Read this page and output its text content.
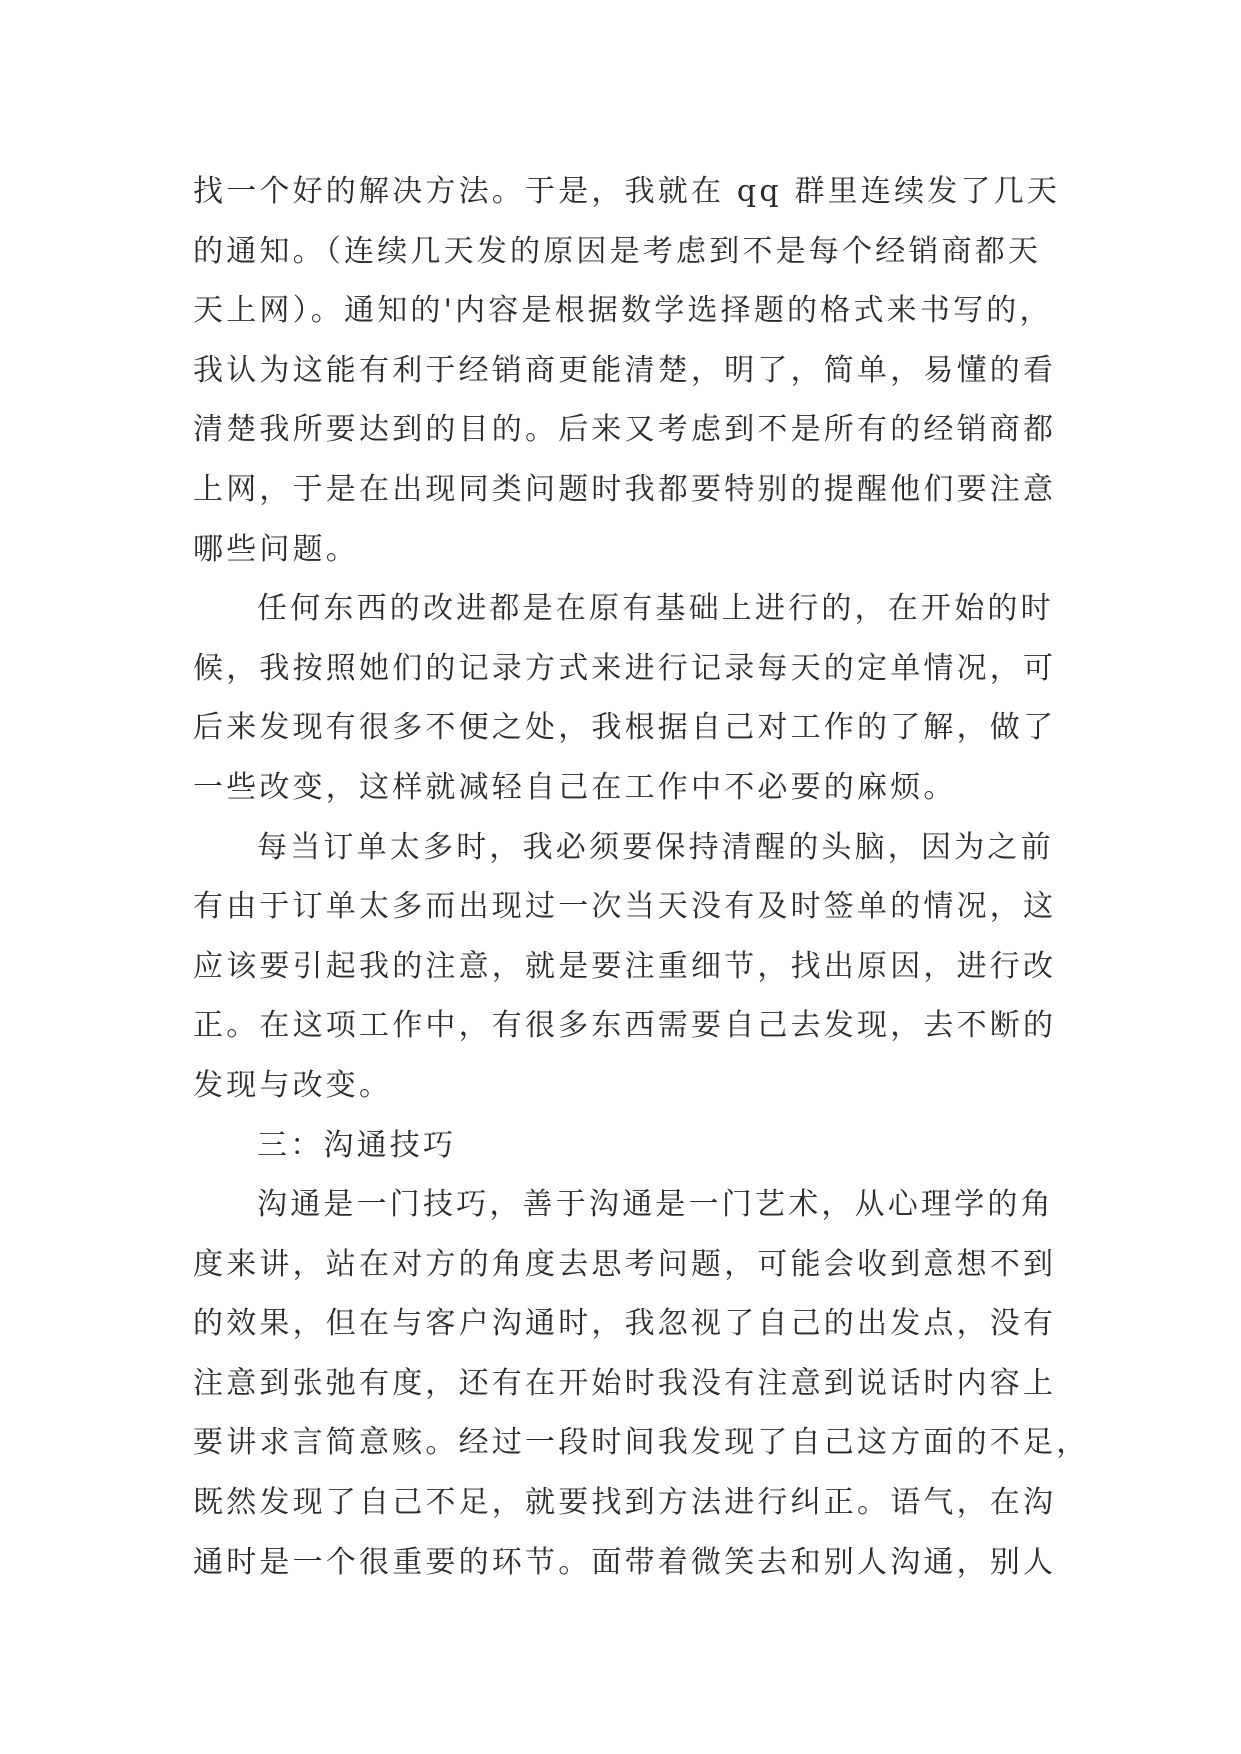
找一个好的解决方法。于是，我就在 qq 群里连续发了几天
的通知。（连续几天发的原因是考虑到不是每个经销商都天
天上网）。通知的'内容是根据数学选择题的格式来书写的，
我认为这能有利于经销商更能清楚，明了，简单，易懂的看
清楚我所要达到的目的。后来又考虑到不是所有的经销商都
上网，于是在出现同类问题时我都要特别的提醒他们要注意
哪些问题。
任何东西的改进都是在原有基础上进行的，在开始的时
候，我按照她们的记录方式来进行记录每天的定单情况，可
后来发现有很多不便之处，我根据自己对工作的了解，做了
一些改变，这样就减轻自己在工作中不必要的麻烦。
每当订单太多时，我必须要保持清醒的头脑，因为之前
有由于订单太多而出现过一次当天没有及时签单的情况，这
应该要引起我的注意，就是要注重细节，找出原因，进行改
正。在这项工作中，有很多东西需要自己去发现，去不断的
发现与改变。
三：沟通技巧
沟通是一门技巧，善于沟通是一门艺术，从心理学的角
度来讲，站在对方的角度去思考问题，可能会收到意想不到
的效果，但在与客户沟通时，我忽视了自己的出发点，没有
注意到张弛有度，还有在开始时我没有注意到说话时内容上
要讲求言简意赅。经过一段时间我发现了自己这方面的不足，
既然发现了自己不足，就要找到方法进行纠正。语气，在沟
通时是一个很重要的环节。面带着微笑去和别人沟通，别人
